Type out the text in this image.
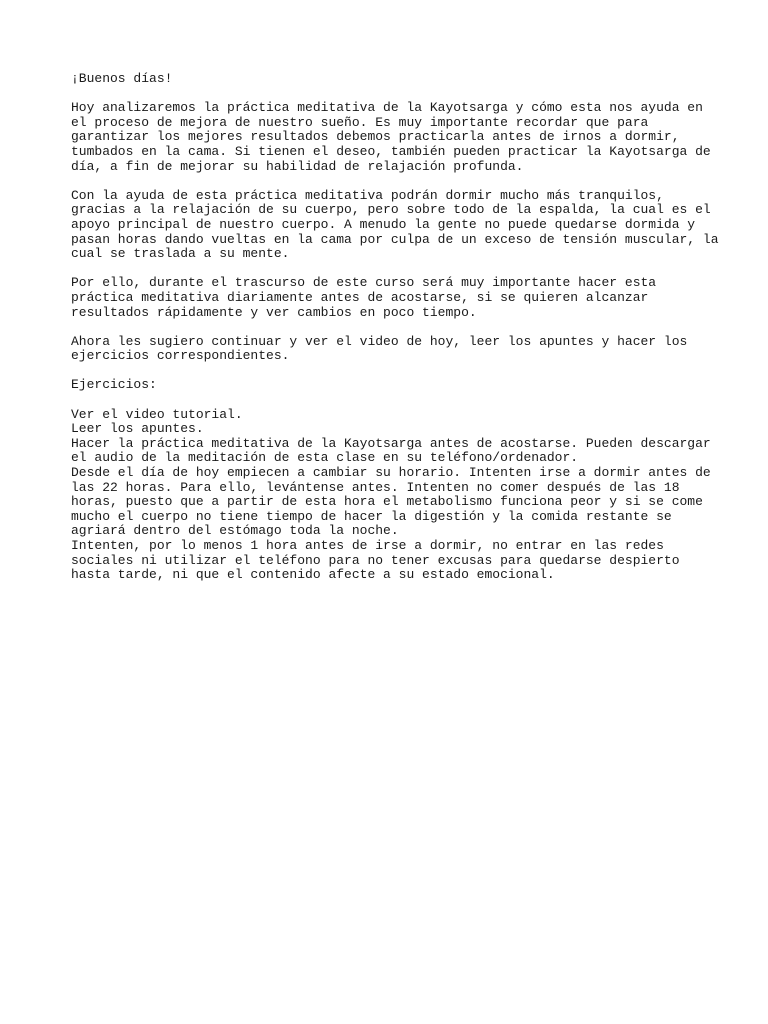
¡Buenos días!
Hoy analizaremos la práctica meditativa de la Kayotsarga y cómo esta nos ayuda en
el proceso de mejora de nuestro sueño. Es muy importante recordar que para
garantizar los mejores resultados debemos practicarla antes de irnos a dormir,
tumbados en la cama. Si tienen el deseo, también pueden practicar la Kayotsarga de
día, a fin de mejorar su habilidad de relajación profunda.
Con la ayuda de esta práctica meditativa podrán dormir mucho más tranquilos,
gracias a la relajación de su cuerpo, pero sobre todo de la espalda, la cual es el
apoyo principal de nuestro cuerpo. A menudo la gente no puede quedarse dormida y
pasan horas dando vueltas en la cama por culpa de un exceso de tensión muscular, la
cual se traslada a su mente.
Por ello, durante el trascurso de este curso será muy importante hacer esta
práctica meditativa diariamente antes de acostarse, si se quieren alcanzar
resultados rápidamente y ver cambios en poco tiempo.
Ahora les sugiero continuar y ver el video de hoy, leer los apuntes y hacer los
ejercicios correspondientes.
Ejercicios:
Ver el video tutorial.
Leer los apuntes.
Hacer la práctica meditativa de la Kayotsarga antes de acostarse. Pueden descargar
el audio de la meditación de esta clase en su teléfono/ordenador.
Desde el día de hoy empiecen a cambiar su horario. Intenten irse a dormir antes de
las 22 horas. Para ello, levántense antes. Intenten no comer después de las 18
horas, puesto que a partir de esta hora el metabolismo funciona peor y si se come
mucho el cuerpo no tiene tiempo de hacer la digestión y la comida restante se
agriará dentro del estómago toda la noche.
Intenten, por lo menos 1 hora antes de irse a dormir, no entrar en las redes
sociales ni utilizar el teléfono para no tener excusas para quedarse despierto
hasta tarde, ni que el contenido afecte a su estado emocional.
